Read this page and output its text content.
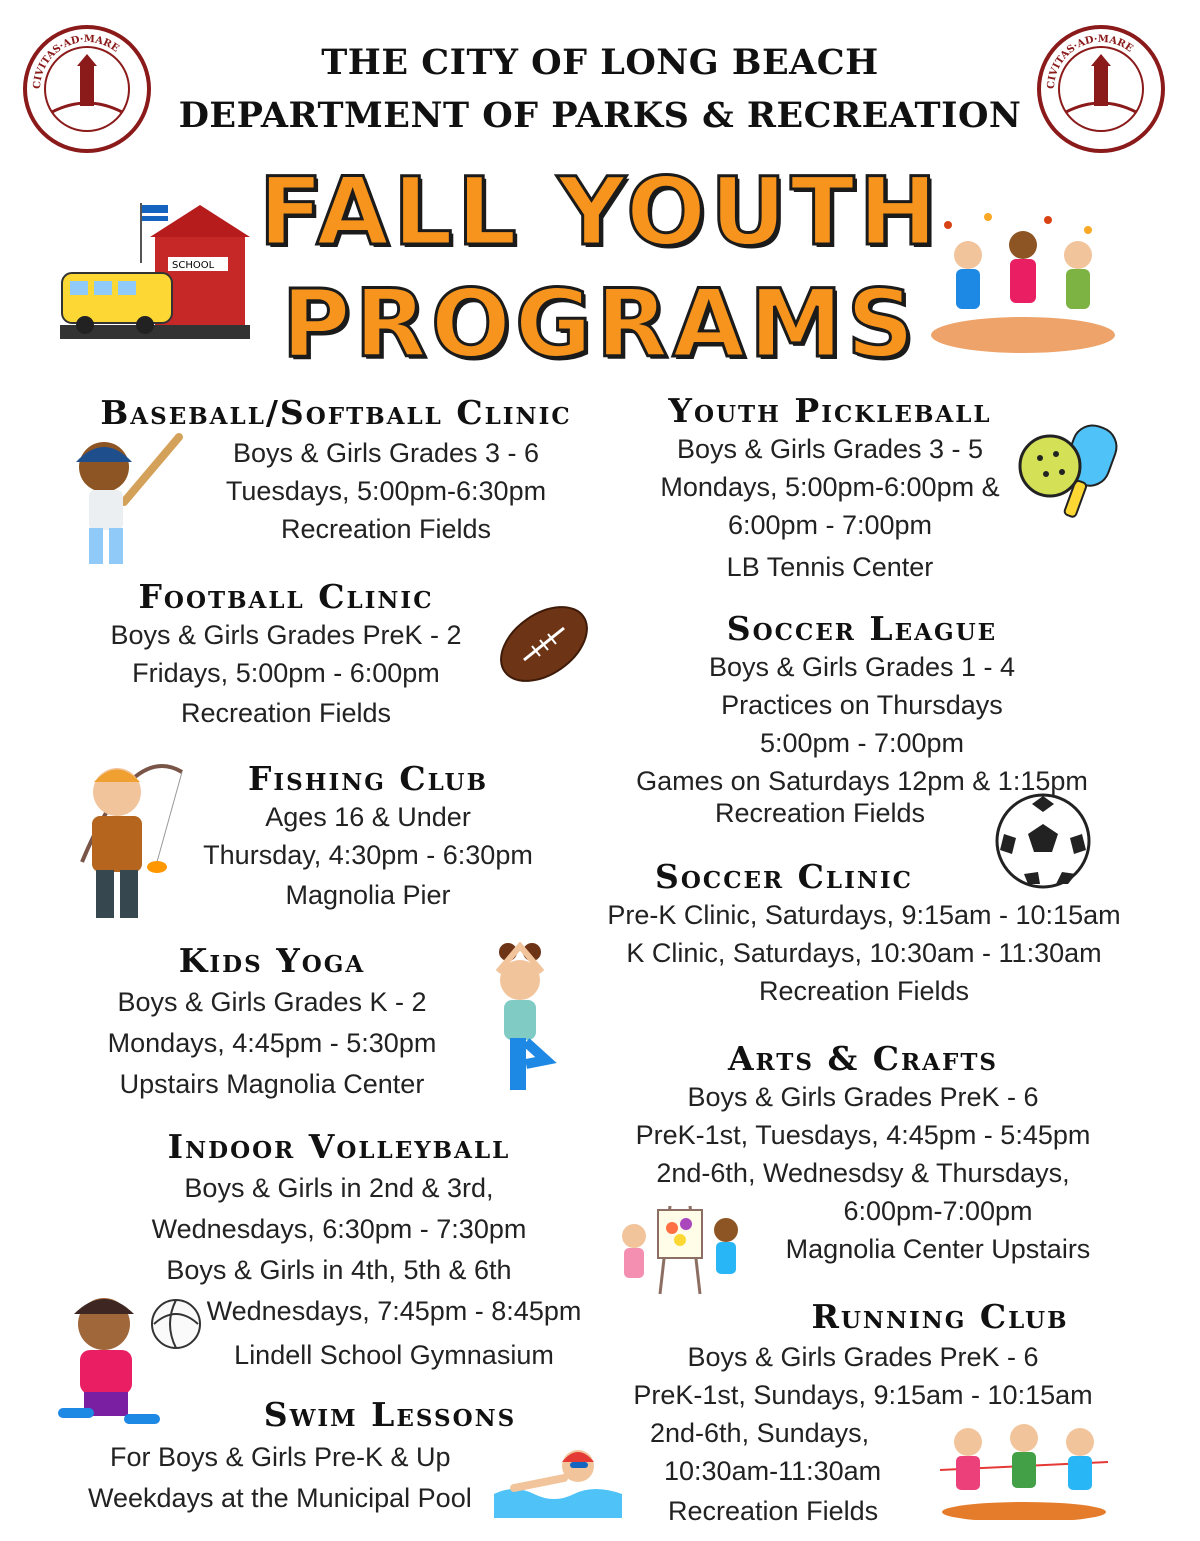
CIVITAS·AD·MARE
CIVITAS·AD·MARE
THE CITY OF LONG BEACH
DEPARTMENT OF PARKS & RECREATION
FALL YOUTH
PROGRAMS
SCHOOL
Baseball/Softball Clinic
Boys & Girls Grades 3 - 6
Tuesdays, 5:00pm-6:30pm
Recreation Fields
Football Clinic
Boys & Girls Grades PreK - 2
Fridays, 5:00pm - 6:00pm
Recreation Fields
Fishing Club
Ages 16 & Under
Thursday, 4:30pm - 6:30pm
Magnolia Pier
Kids Yoga
Boys & Girls Grades K - 2
Mondays, 4:45pm - 5:30pm
Upstairs Magnolia Center
Indoor Volleyball
Boys & Girls in 2nd & 3rd,
Wednesdays, 6:30pm - 7:30pm
Boys & Girls in 4th, 5th & 6th
Wednesdays, 7:45pm - 8:45pm
Lindell School Gymnasium
Swim Lessons
For Boys & Girls Pre-K & Up
Weekdays at the Municipal Pool
Youth Pickleball
Boys & Girls Grades 3 - 5
Mondays, 5:00pm-6:00pm &
6:00pm - 7:00pm
LB Tennis Center
Soccer League
Boys & Girls Grades 1 - 4
Practices on Thursdays
5:00pm - 7:00pm
Games on Saturdays 12pm & 1:15pm
Recreation Fields
Soccer Clinic
Pre-K Clinic, Saturdays, 9:15am - 10:15am
K Clinic, Saturdays, 10:30am - 11:30am
Recreation Fields
Arts & Crafts
Boys & Girls Grades PreK - 6
PreK-1st, Tuesdays, 4:45pm - 5:45pm
2nd-6th, Wednesdsy & Thursdays,
6:00pm-7:00pm
Magnolia Center Upstairs
Running Club
Boys & Girls Grades PreK - 6
PreK-1st, Sundays, 9:15am - 10:15am
2nd-6th, Sundays,
10:30am-11:30am
Recreation Fields
